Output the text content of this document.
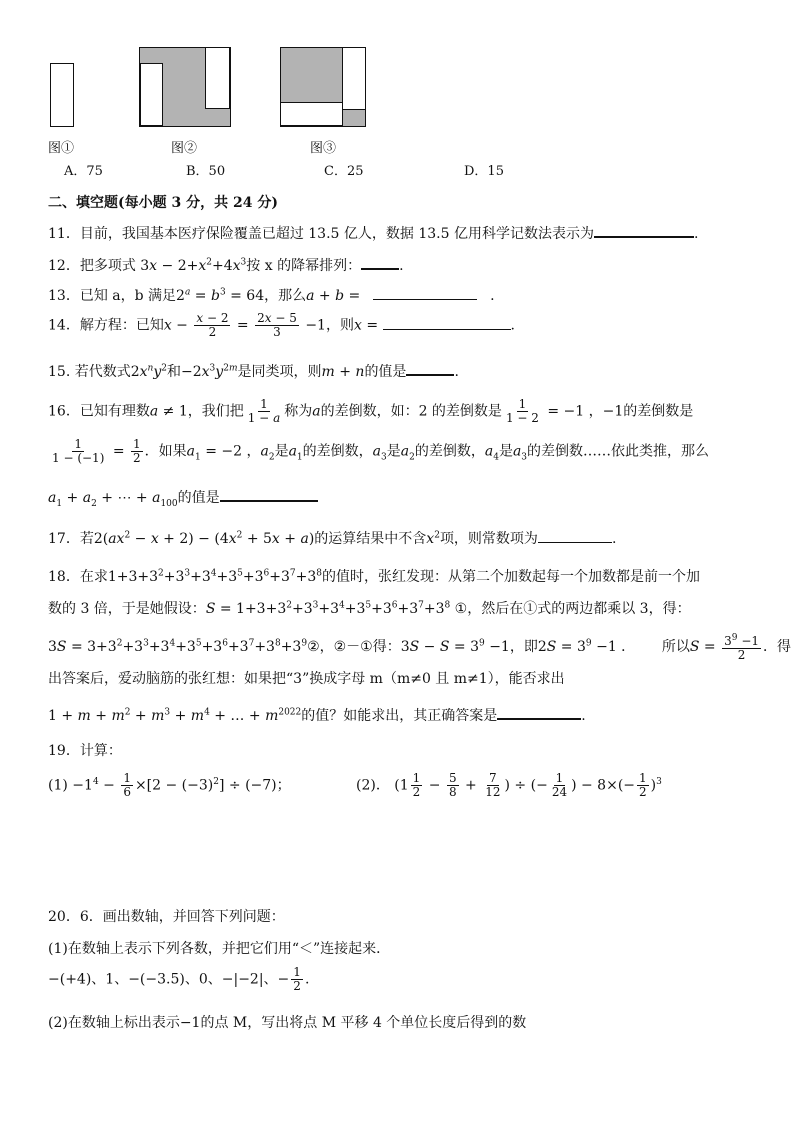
图①	图②	图③
A．75	B．50	C．25	D．15
二、填空题(每小题 3 分，共 24 分)
11．目前，我国基本医疗保险覆盖已超过 13.5 亿人，数据 13.5 亿用科学记数法表示为	.
12．把多项式 $3x - 2+x^2+4x^3$按 x 的降幂排列：	.
13．已知 a，b 满足$2^a = b^3 = 64$，那么a + b =	.
14．解方程：已知$x - \frac{x - 2}{2} = \frac{2x - 5}{3} -1$，则x =	.
15. 若代数式$2x^ny^2$和$-2x^3y^{2m}$是同类项，则m + n的值是	.
16．已知有理数a ≠ 1，我们把 $\frac{1}{1 - a}$ 称为a的差倒数，如：2 的差倒数是 $\frac{1}{1 - 2} = -1$ ，−1的差倒数是
$\frac{1}{1 - (-1)} = \frac{1}{2}$ ．如果$a_1 = -2$ ，$a_2$是$a_1$的差倒数，$a_3$是$a_2$的差倒数，$a_4$是$a_3$的差倒数……依此类推，那么
$a_1 + a_2$ + ⋯ + $a_{100}$的值是
17．若$2(ax^2 - x + 2) - (4x^2 + 5x + a)$的运算结果中不含$x^2$项，则常数项为	.
18．在求$1+3+3^2+3^3+3^4+3^5+3^6+3^7+3^8$的值时，张红发现：从第二个加数起每一个加数都是前一个加
数的 3 倍，于是她假设：$S = 1+3+3^2+3^3+3^4+3^5+3^6+3^7+3^8$ ①，然后在①式的两边都乘以 3，得：
$3S = 3+3^2+3^3+3^4+3^5+3^6+3^7+3^8+3^9②$，②－①得：$3S - S = 3^9 -1$，即$2S = 3^9 -1$ ．      所以$S = \frac{3^9 -1}{2}$ ．得
出答案后，爱动脑筋的张红想：如果把“3”换成字母 m（m≠0 且 m≠1），能否求出
$1 + m + m^2 + m^3 + m^4$ + … + $m^{2022}$的值？如能求出，其正确答案是	.
19．计算：
$(1) -1^4 - \frac{1}{6} \times[2 - (-3)^2] \div (-7)$；	(2)． ($1 \frac{1}{2} - \frac{5}{8} + \frac{7}{12}$ ) ÷ (− $\frac{1}{24}$ ) − $8\times(- \frac{1}{2} )^3$
20．6．画出数轴，并回答下列问题：
(1)在数轴上表示下列各数，并把它们用“＜”连接起来．
−(+4)、1、−(−3.5)、0、−|−2|、− $\frac{1}{2}$ .
(2)在数轴上标出表示−1的点 M，写出将点 M 平移 4 个单位长度后得到的数
